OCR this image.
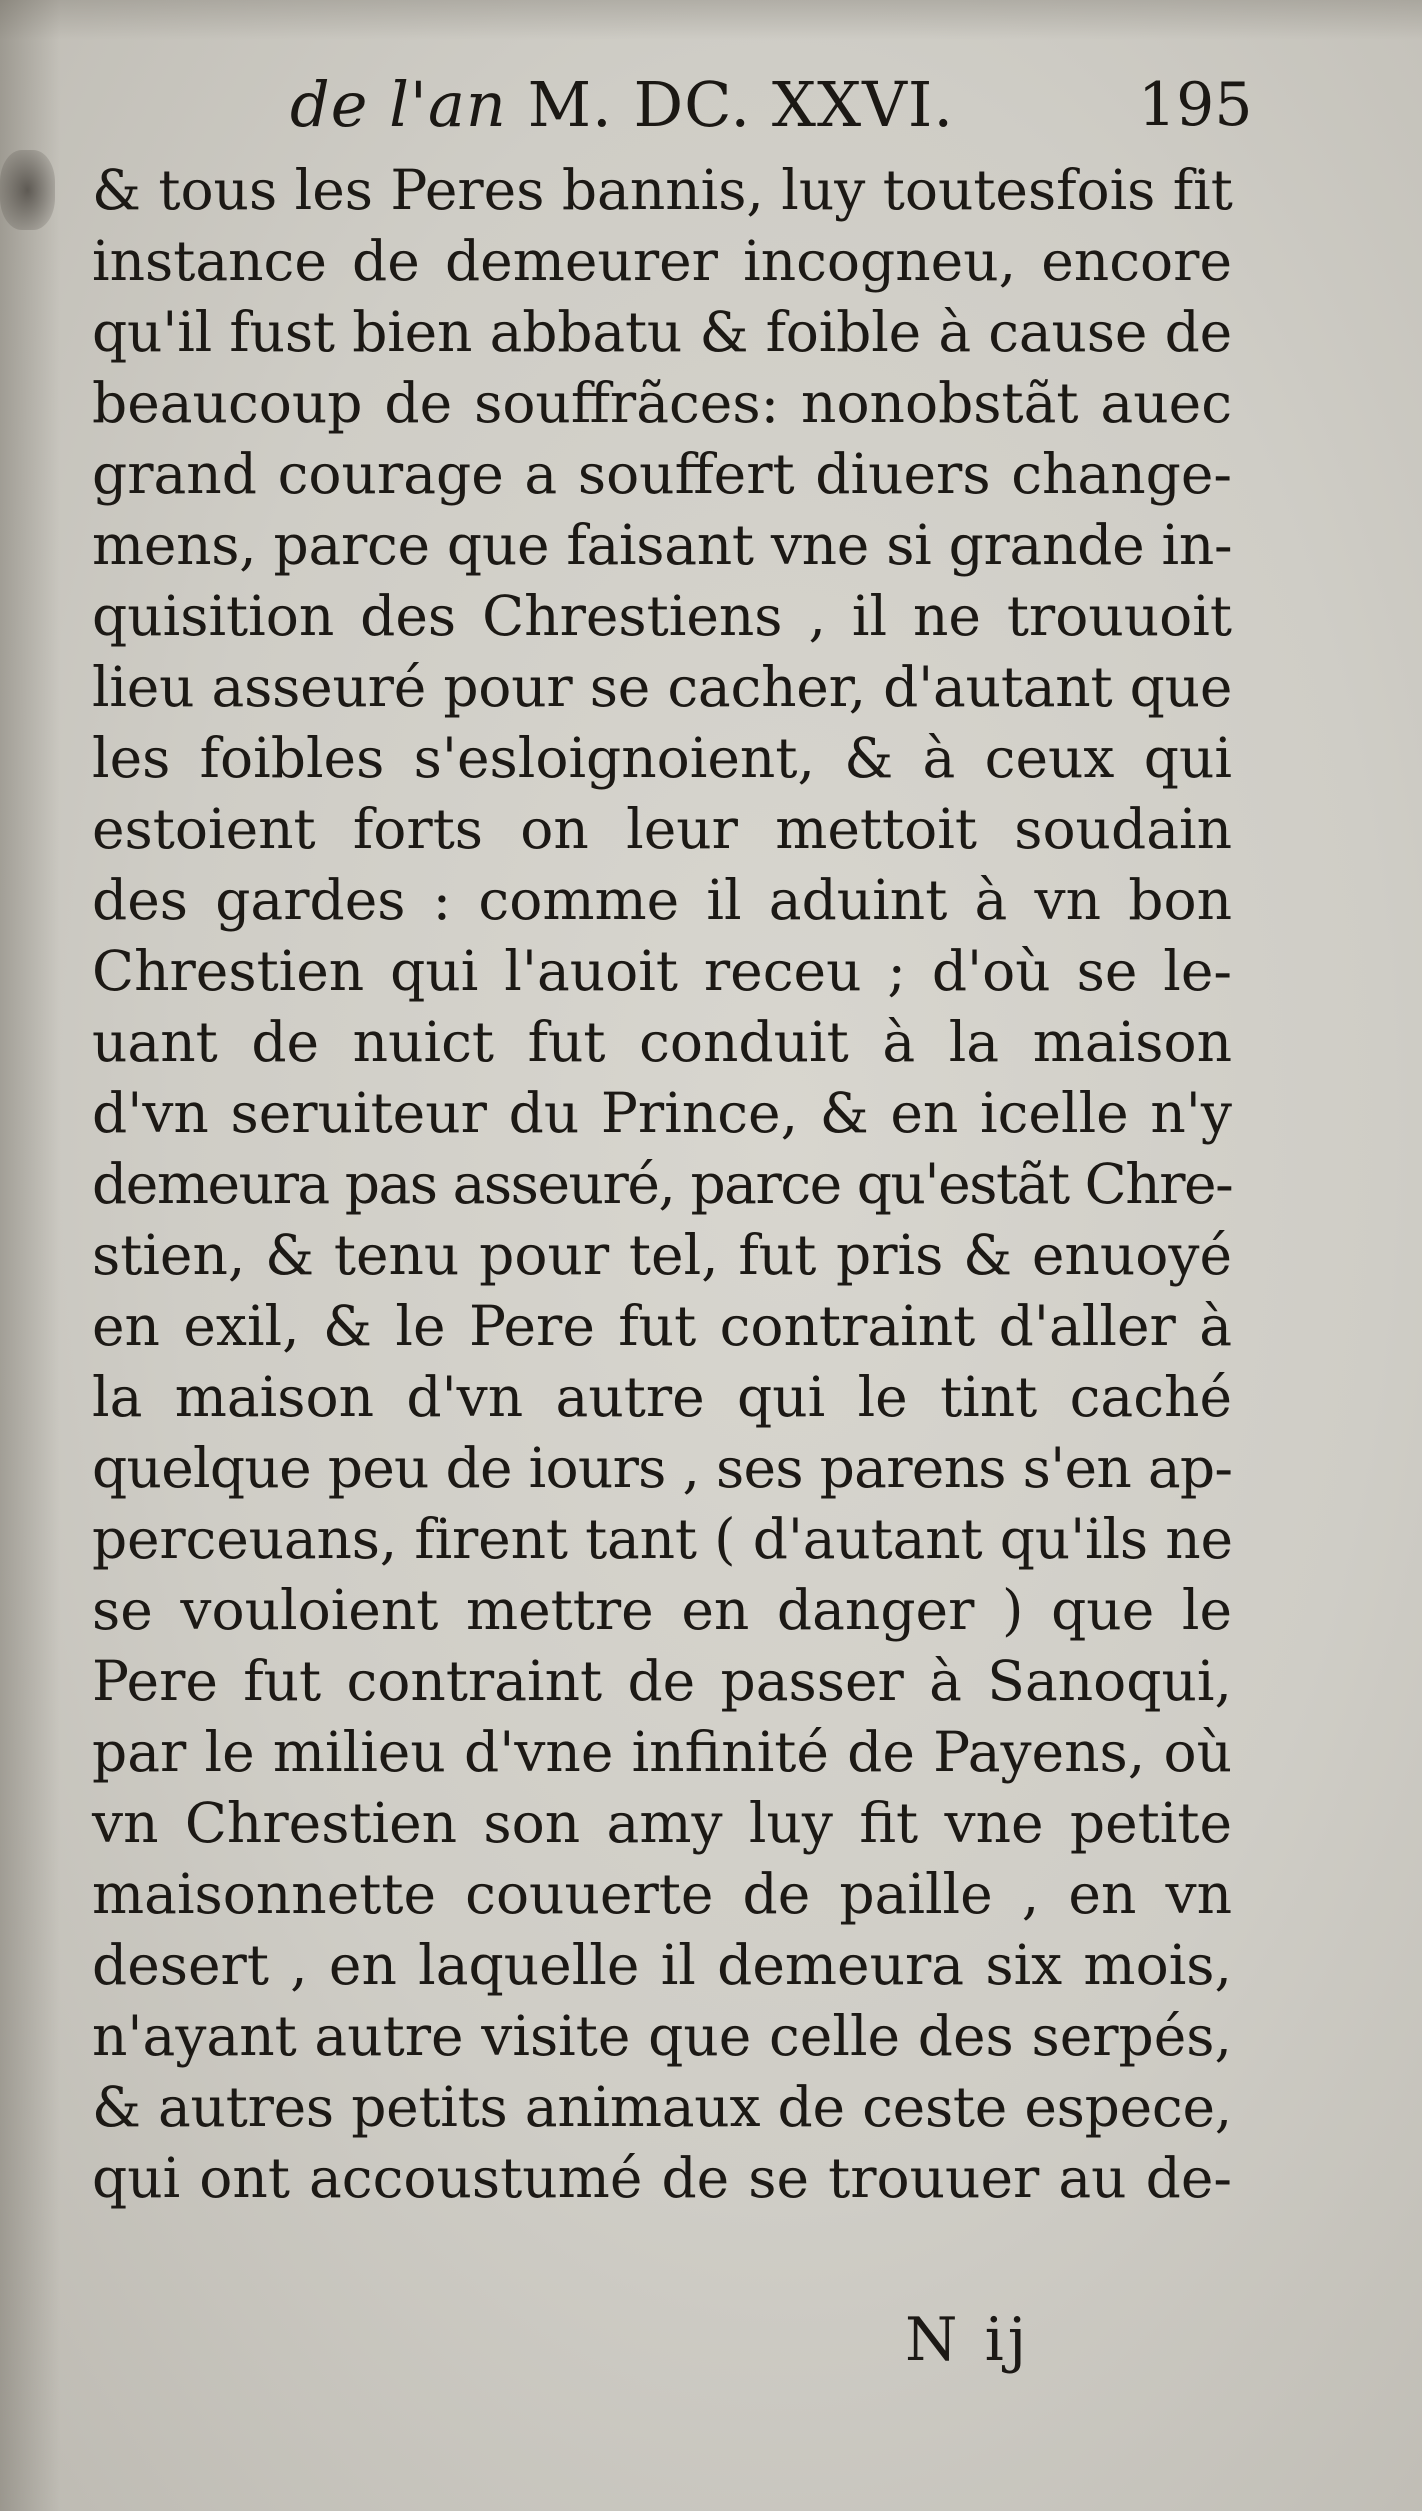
de l'an M. DC. XXVI.	195
& tous les Peres bannis, luy toutesfois fit
instance de demeurer incogneu, encore
qu'il fust bien abbatu & foible à cause de
beaucoup de souffrãces: nonobstãt auec
grand courage a souffert diuers change-
mens, parce que faisant vne si grande in-
quisition des Chrestiens , il ne trouuoit
lieu asseuré pour se cacher, d'autant que
les foibles s'esloignoient, & à ceux qui
estoient forts on leur mettoit soudain
des gardes : comme il aduint à vn bon
Chrestien qui l'auoit receu ; d'où se le-
uant de nuict fut conduit à la maison
d'vn seruiteur du Prince, & en icelle n'y
demeura pas asseuré, parce qu'estãt Chre-
stien, & tenu pour tel, fut pris & enuoyé
en exil, & le Pere fut contraint d'aller à
la maison d'vn autre qui le tint caché
quelque peu de iours , ses parens s'en ap-
perceuans, firent tant ( d'autant qu'ils ne
se vouloient mettre en danger ) que le
Pere fut contraint de passer à Sanoqui,
par le milieu d'vne infinité de Payens, où
vn Chrestien son amy luy fit vne petite
maisonnette couuerte de paille , en vn
desert , en laquelle il demeura six mois,
n'ayant autre visite que celle des serpés,
& autres petits animaux de ceste espece,
qui ont accoustumé de se trouuer au de-
N ij
